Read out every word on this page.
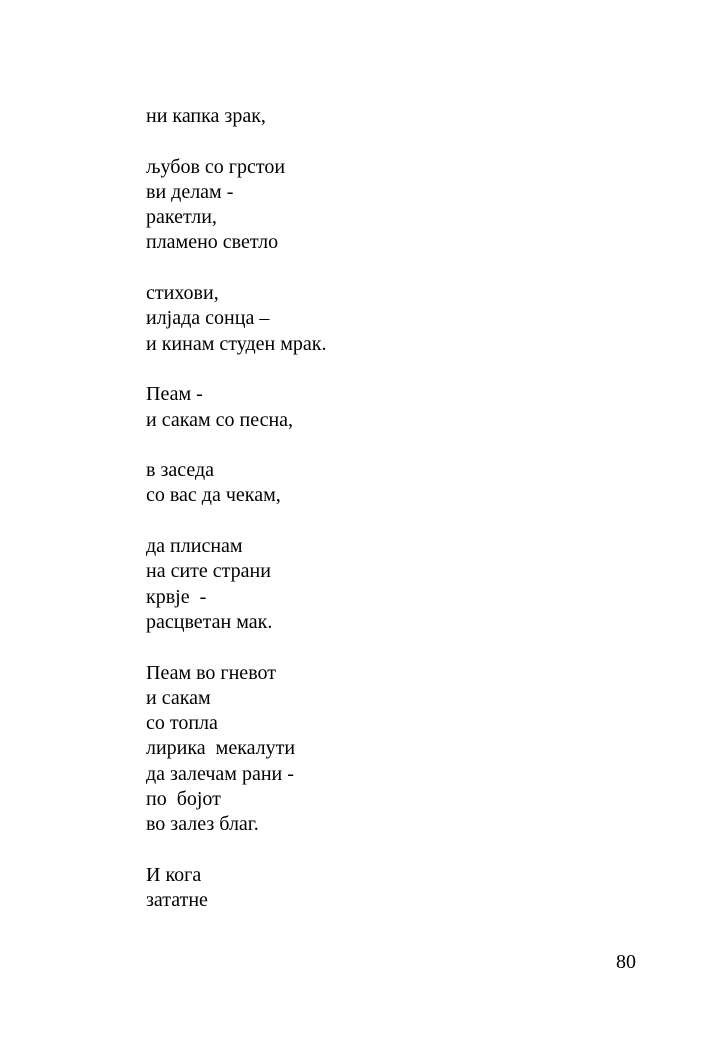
ни капка зрак,
љубов со грстои
ви делам -
ракетли,
пламено светло
стихови,
илјада сонца –
и кинам студен мрак.
Пеам -
и сакам со песна,
в заседа
со вас да чекам,
да плиснам
на сите страни
крвје  -
расцветан мак.
Пеам во гневот
и сакам
со топла
лирика  мекалути
да залечам рани -
по  бојот
во залез благ.
И кога
зататне
80
